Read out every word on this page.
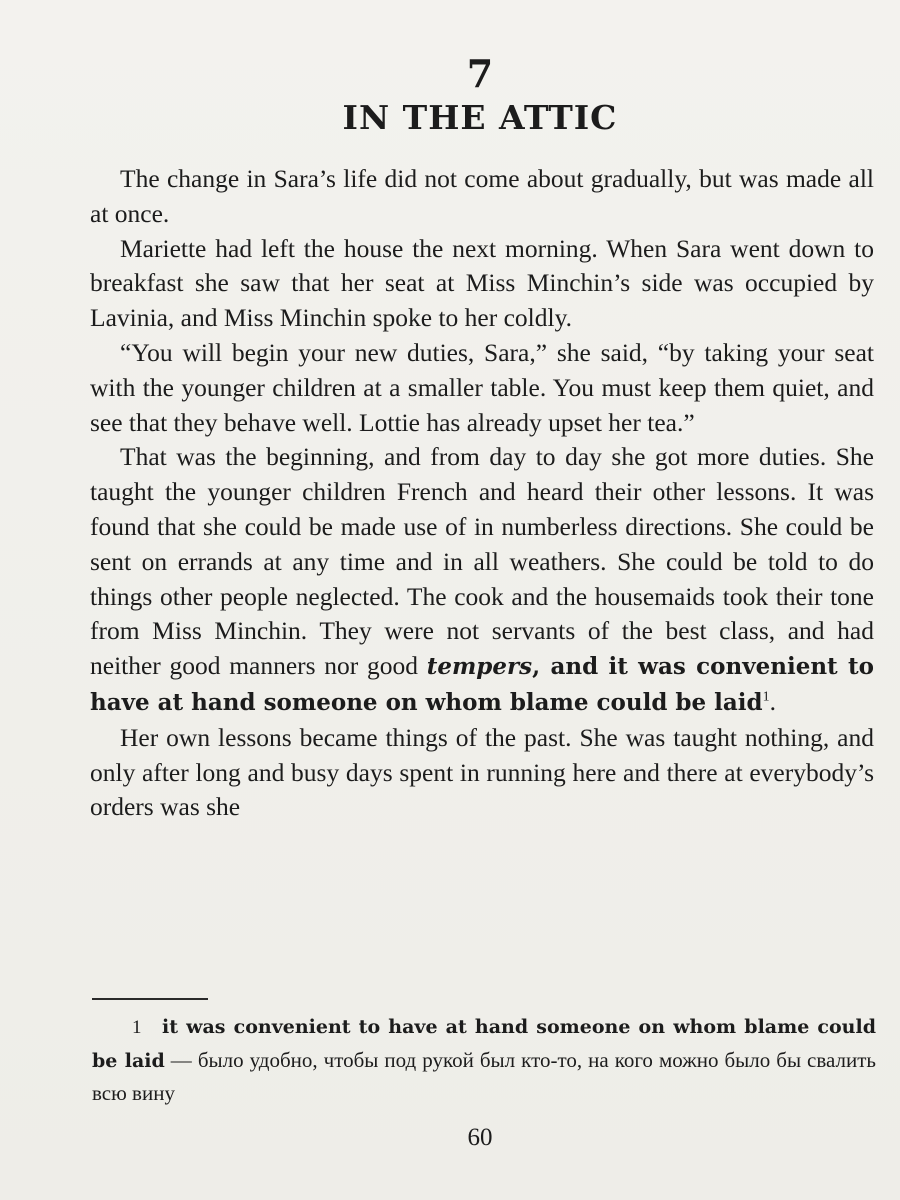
7
IN THE ATTIC

The change in Sara’s life did not come about gradually, but was made all at once.

Mariette had left the house the next morning. When Sara went down to breakfast she saw that her seat at Miss Minchin’s side was occupied by Lavinia, and Miss Minchin spoke to her coldly.

“You will begin your new duties, Sara,” she said, “by taking your seat with the younger children at a smaller table. You must keep them quiet, and see that they behave well. Lottie has already upset her tea.”

That was the beginning, and from day to day she got more duties. She taught the younger children French and heard their other lessons. It was found that she could be made use of in numberless directions. She could be sent on errands at any time and in all weathers. She could be told to do things other people neglected. The cook and the housemaids took their tone from Miss Minchin. They were not servants of the best class, and had neither good manners nor good tempers, and it was convenient to have at hand someone on whom blame could be laid$^1$.

Her own lessons became things of the past. She was taught nothing, and only after long and busy days spent in running here and there at everybody’s orders was she

1 it was convenient to have at hand someone on whom blame could be laid — было удобно, чтобы под рукой был кто-то, на кого можно было бы свалить всю вину
60
